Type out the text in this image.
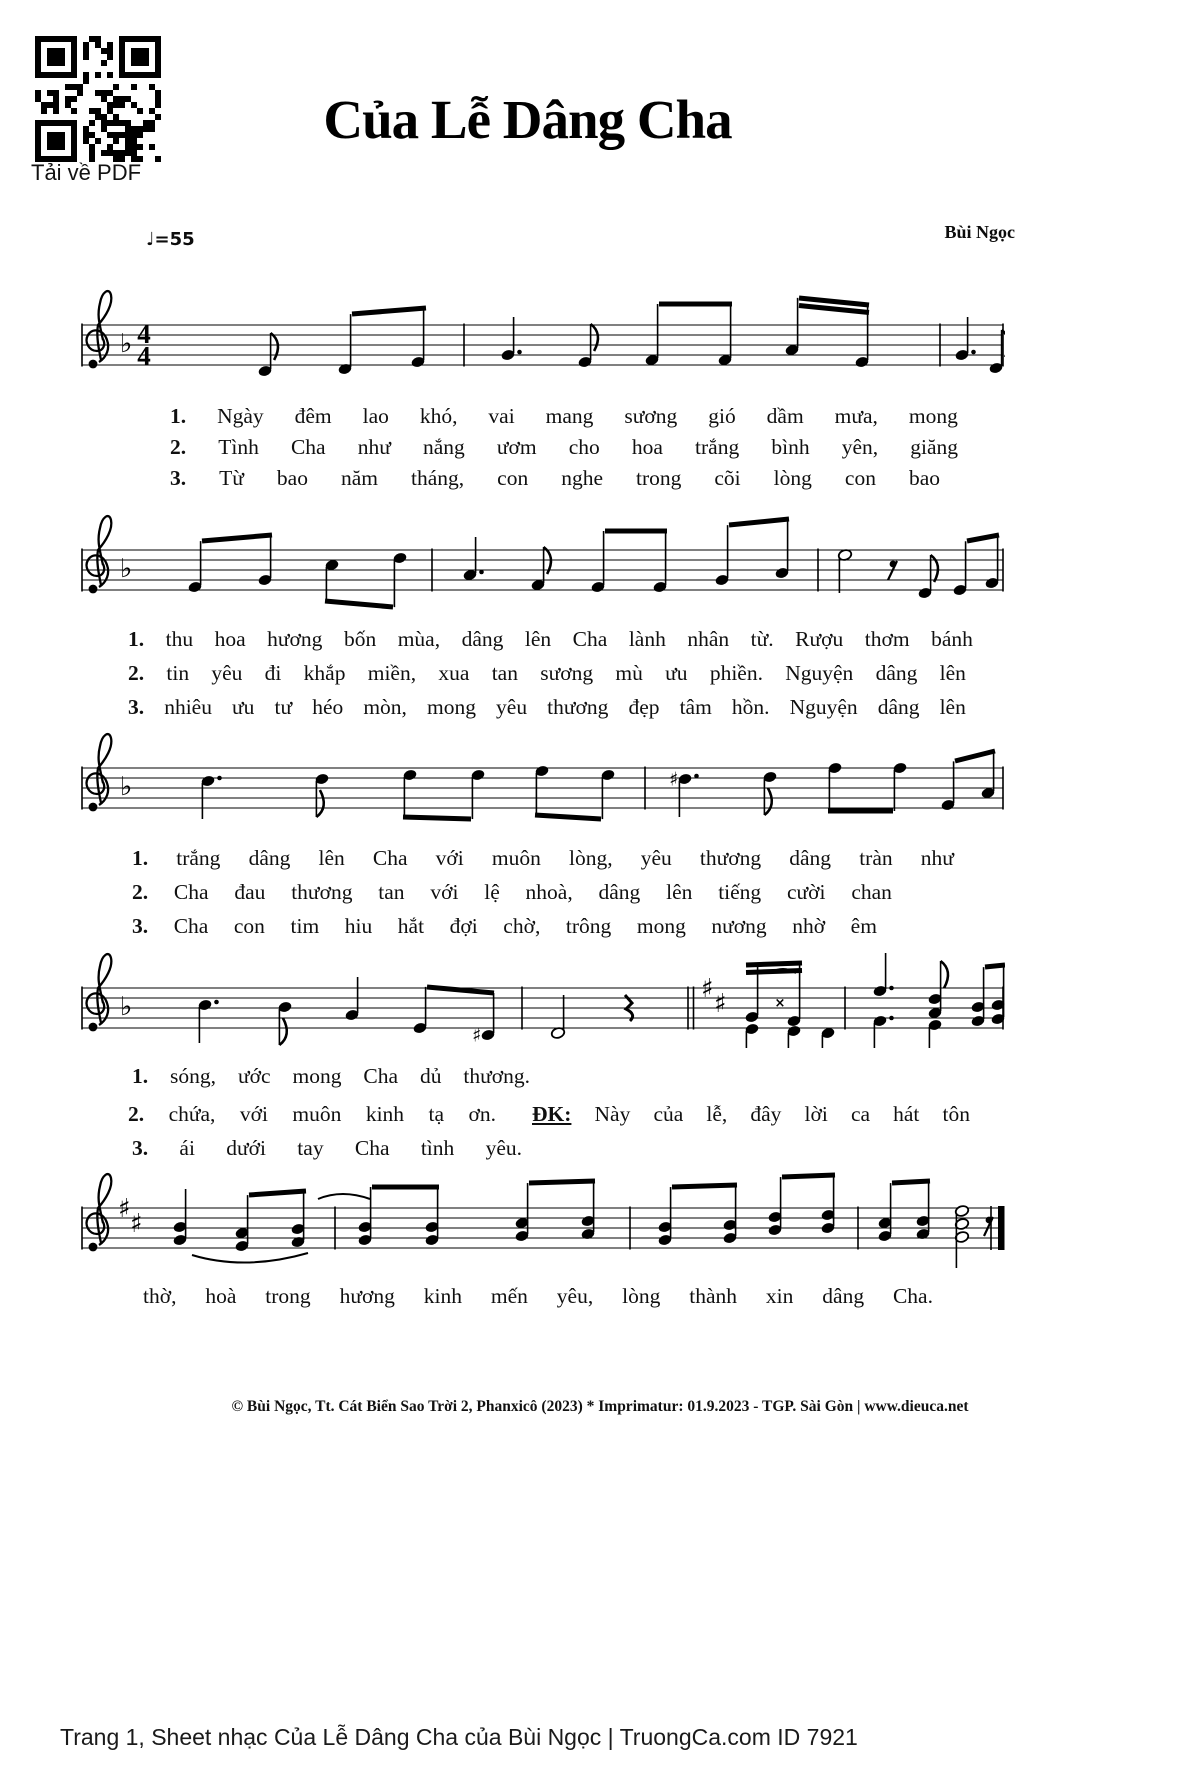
Tải về PDF
Của Lễ Dâng Cha
Bùi Ngọc
♩=55
♭ 4
4
♭
♭	♯
♭
♯ ♯
♯
×
♯ ♯
1. Ngày đêm lao khó, vai mang sương gió dầm mưa, mong
2. Tình Cha như nắng ươm cho hoa trắng bình yên, giăng
3. Từ bao năm tháng, con nghe trong cõi lòng con bao
1. thu hoa hương bốn mùa, dâng lên Cha lành nhân từ. Rượu thơm bánh
2. tin yêu đi khắp miền, xua tan sương mù ưu phiền. Nguyện dâng lên
3. nhiêu ưu tư héo mòn, mong yêu thương đẹp tâm hồn. Nguyện dâng lên
1. trắng dâng lên Cha với muôn lòng, yêu thương dâng tràn như
2. Cha đau thương tan với lệ nhoà, dâng lên tiếng cười chan
3. Cha con tim hiu hắt đợi chờ, trông mong nương nhờ êm
1. sóng, ước mong Cha dủ thương.
2. chứa, với muôn kinh tạ ơn. ĐK: Này của lễ, đây lời ca hát tôn
3. ái dưới tay Cha tình yêu.
thờ, hoà trong hương kinh mến yêu, lòng thành xin dâng Cha.
© Bùi Ngọc, Tt. Cát Biển Sao Trời 2, Phanxicô (2023) * Imprimatur: 01.9.2023 - TGP. Sài Gòn | www.dieuca.net
Trang 1, Sheet nhạc Của Lễ Dâng Cha của Bùi Ngọc | TruongCa.com ID 7921
